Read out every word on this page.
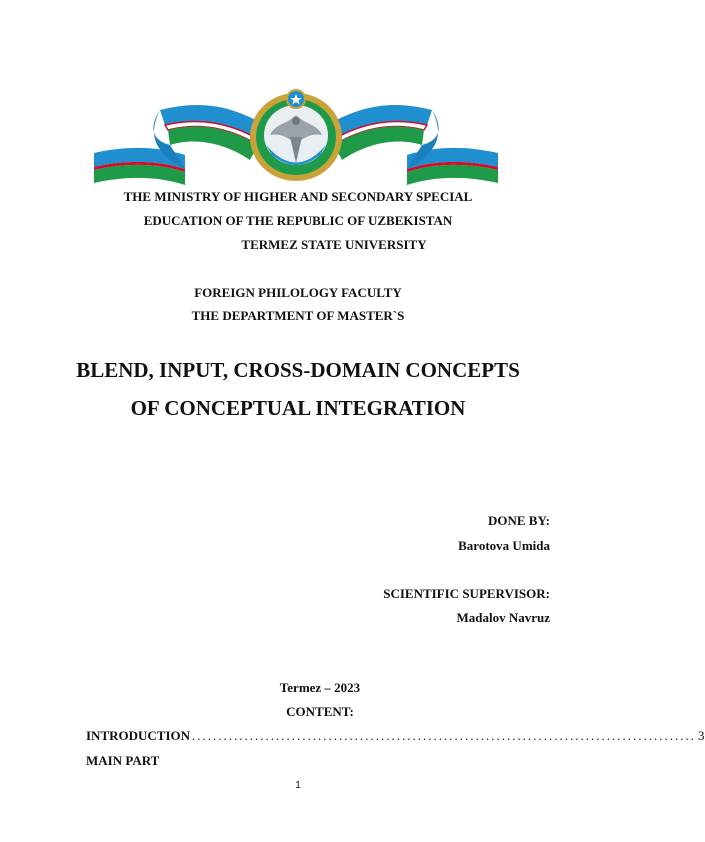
THE MINISTRY OF HIGHER AND SECONDARY SPECIAL
EDUCATION OF THE REPUBLIC OF UZBEKISTAN
TERMEZ STATE UNIVERSITY
FOREIGN PHILOLOGY FACULTY
THE DEPARTMENT OF MASTER`S
BLEND, INPUT, CROSS-DOMAIN CONCEPTS
OF CONCEPTUAL INTEGRATION
DONE BY:
Barotova Umida
SCIENTIFIC SUPERVISOR:
Madalov Navruz
Termez – 2023
CONTENT:
INTRODUCTION ................................................................................................ 3
MAIN PART
1
